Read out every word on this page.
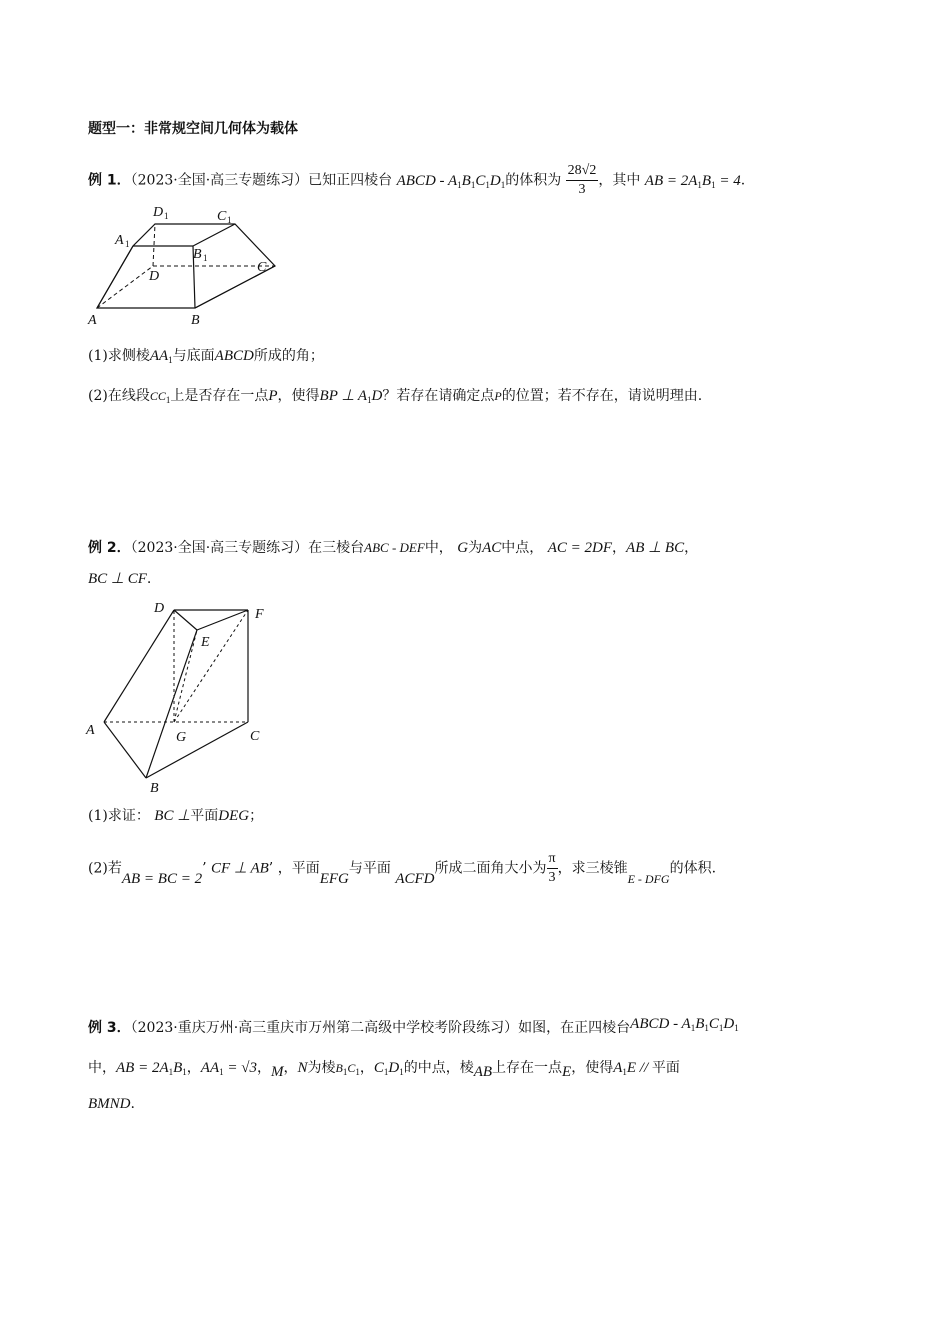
题型一：非常规空间几何体为载体
例 1．（2023·全国·高三专题练习）已知正四棱台 ABCD - $A_1B_1C_1D_1$的体积为 $\frac{28√2}{3}$ ，其中 AB = $2A_1B_1 = 4$.
D 1	C 1
A 1
B 1
D
C
A	B
(1)求侧棱$AA_1$与底面ABCD所成的角；
(2)在线段$CC_1$上是否存在一点P，使得BP ⊥ $A_1D$？若存在请确定点P的位置；若不存在，请说明理由.
例 2．（2023·全国·高三专题练习）在三棱台ABC - DEF中， G为AC中点， AC = 2DF，AB ⊥ BC，
BC ⊥ CF.
D	F
E
A	G	C
B
(1)求证： BC ⊥平面DEG；
(2)若AB = BC = 2’ CF ⊥ AB’ ，平面EFG与平面 ACFD所成二面角大小为 $\frac{\pi}{3}$ ，求三棱锥E - DFG的体积.
例 3．（2023·重庆万州·高三重庆市万州第二高级中学校考阶段练习）如图，在正四棱台ABCD - $A_1B_1C_1D_1$
中，AB = $2A_1B_1$，$AA_1 = √3$，M，N为棱$B_1C_1$，$C_1D_1$的中点，棱AB上存在一点E，使得$A_1E$ // 平面
BMND.
